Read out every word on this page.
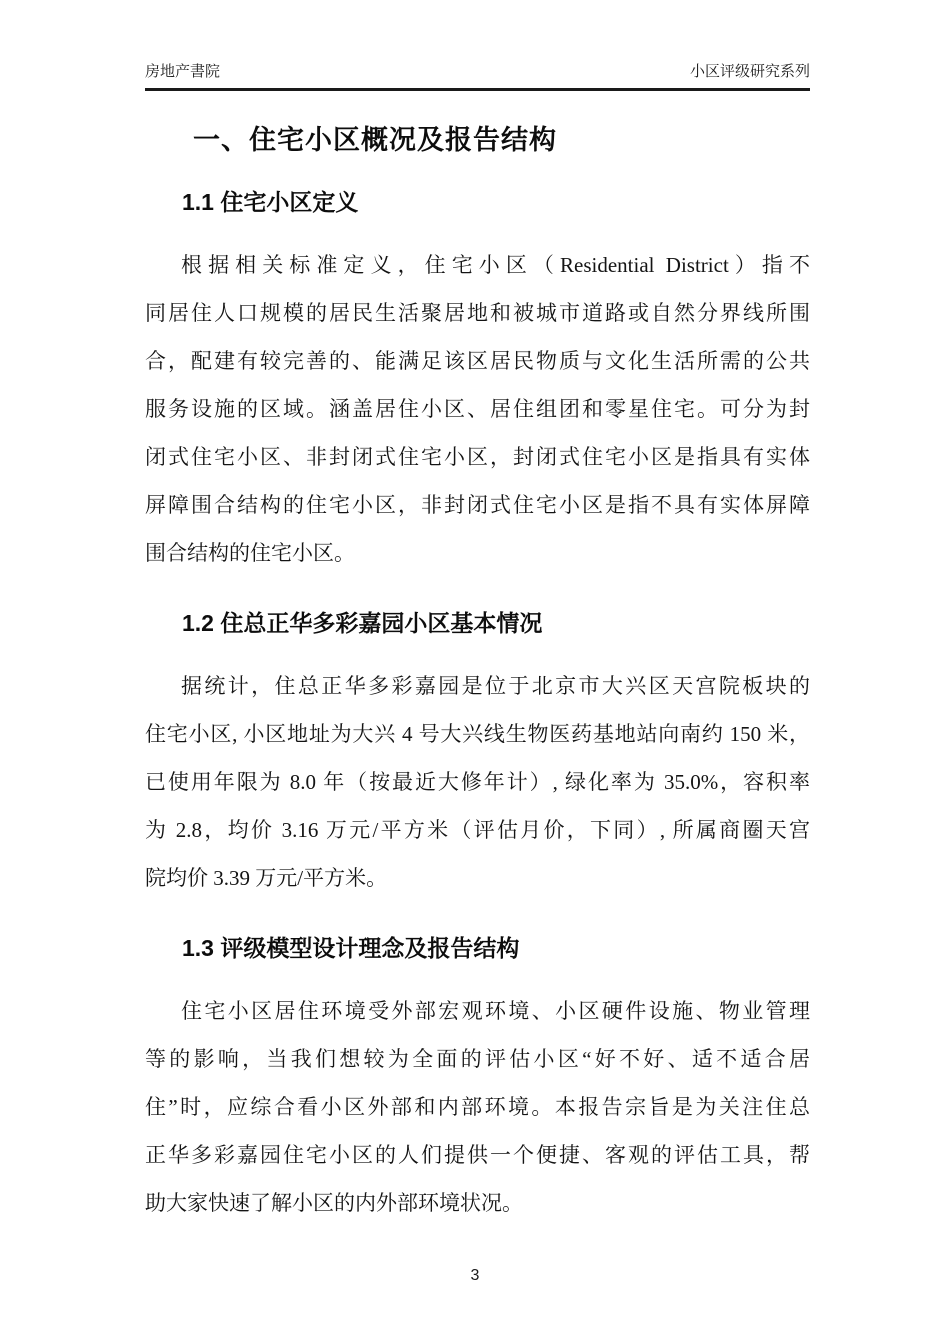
房地产書院	小区评级研究系列
一、住宅小区概况及报告结构
1.1 住宅小区定义
根据相关标准定义，住宅小区（Residential District）指不
同居住人口规模的居民生活聚居地和被城市道路或自然分界线所围
合，配建有较完善的、能满足该区居民物质与文化生活所需的公共
服务设施的区域。涵盖居住小区、居住组团和零星住宅。可分为封
闭式住宅小区、非封闭式住宅小区，封闭式住宅小区是指具有实体
屏障围合结构的住宅小区，非封闭式住宅小区是指不具有实体屏障
围合结构的住宅小区。
1.2 住总正华多彩嘉园小区基本情况
据统计，住总正华多彩嘉园是位于北京市大兴区天宫院板块的
住宅小区, 小区地址为大兴 4 号大兴线生物医药基地站向南约 150 米，
已使用年限为 8.0 年（按最近大修年计）, 绿化率为 35.0%，容积率
为 2.8，均价 3.16 万元/平方米（评估月价，下同）, 所属商圈天宫
院均价 3.39 万元/平方米。
1.3 评级模型设计理念及报告结构
住宅小区居住环境受外部宏观环境、小区硬件设施、物业管理
等的影响，当我们想较为全面的评估小区“好不好、适不适合居
住”时，应综合看小区外部和内部环境。本报告宗旨是为关注住总
正华多彩嘉园住宅小区的人们提供一个便捷、客观的评估工具，帮
助大家快速了解小区的内外部环境状况。
3
